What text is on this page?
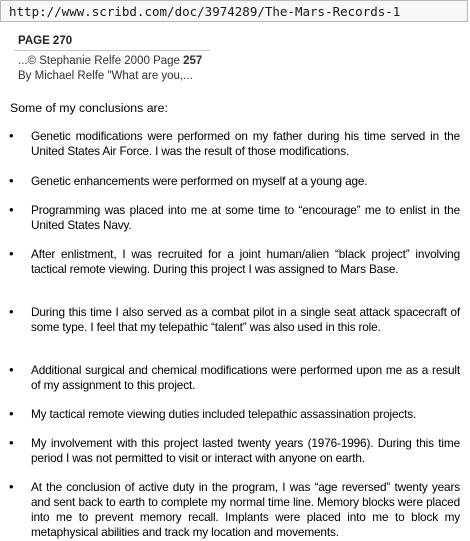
http://www.scribd.com/doc/3974289/The-Mars-Records-1
PAGE 270
...© Stephanie Relfe 2000 Page 257
By Michael Relfe "What are you,...
Some of my conclusions are:
• Genetic modifications were performed on my father during his time served in the United States Air Force. I was the result of those modifications.
• Genetic enhancements were performed on myself at a young age.
• Programming was placed into me at some time to “encourage” me to enlist in the United States Navy.
• After enlistment, I was recruited for a joint human/alien “black project” involving tactical remote viewing. During this project I was assigned to Mars Base.
• During this time I also served as a combat pilot in a single seat attack spacecraft of some type. I feel that my telepathic “talent” was also used in this role.
• Additional surgical and chemical modifications were performed upon me as a result of my assignment to this project.
• My tactical remote viewing duties included telepathic assassination projects.
• My involvement with this project lasted twenty years (1976-1996). During this time period I was not permitted to visit or interact with anyone on earth.
• At the conclusion of active duty in the program, I was “age reversed” twenty years and sent back to earth to complete my normal time line. Memory blocks were placed into me to prevent memory recall. Implants were placed into me to block my metaphysical abilities and track my location and movements.
